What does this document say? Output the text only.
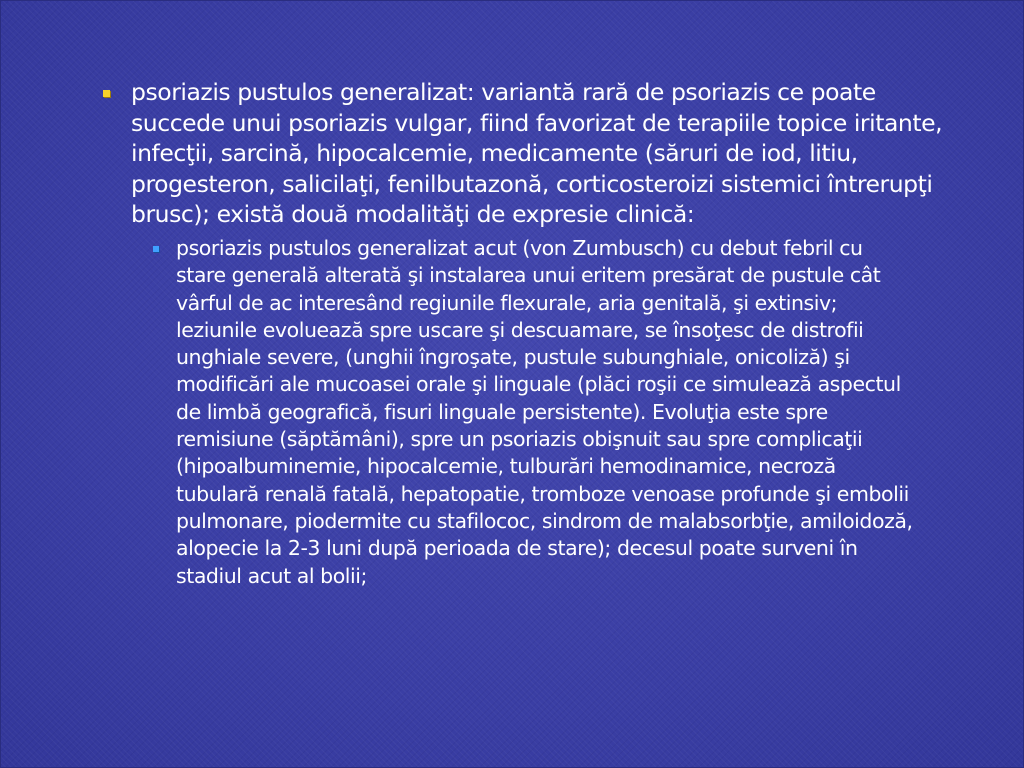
psoriazis pustulos generalizat: variantă rară de psoriazis ce poate succede unui psoriazis vulgar, fiind favorizat de terapiile topice iritante, infecţii, sarcină, hipocalcemie, medicamente (săruri de iod, litiu, progesteron, salicilaţi, fenilbutazonă, corticosteroizi sistemici întrerupţi brusc); există două modalităţi de expresie clinică:
psoriazis pustulos generalizat acut (von Zumbusch) cu debut febril cu stare generală alterată şi instalarea unui eritem presărat de pustule cât vârful de ac interesând regiunile flexurale, aria genitală, şi extinsiv; leziunile evoluează spre uscare şi descuamare, se însoţesc de distrofii unghiale severe, (unghii îngroşate, pustule subunghiale, onicoliză) şi modificări ale mucoasei orale şi linguale (plăci roşii ce simulează aspectul de limbă geografică, fisuri linguale persistente). Evoluţia este spre remisiune (săptămâni), spre un psoriazis obişnuit sau spre complicaţii (hipoalbuminemie, hipocalcemie, tulburări hemodinamice, necroză tubulară renală fatală, hepatopatie, tromboze venoase profunde şi embolii pulmonare, piodermite cu stafilococ, sindrom de malabsorbţie, amiloidoză, alopecie la 2-3 luni după perioada de stare); decesul poate surveni în stadiul acut al bolii;
